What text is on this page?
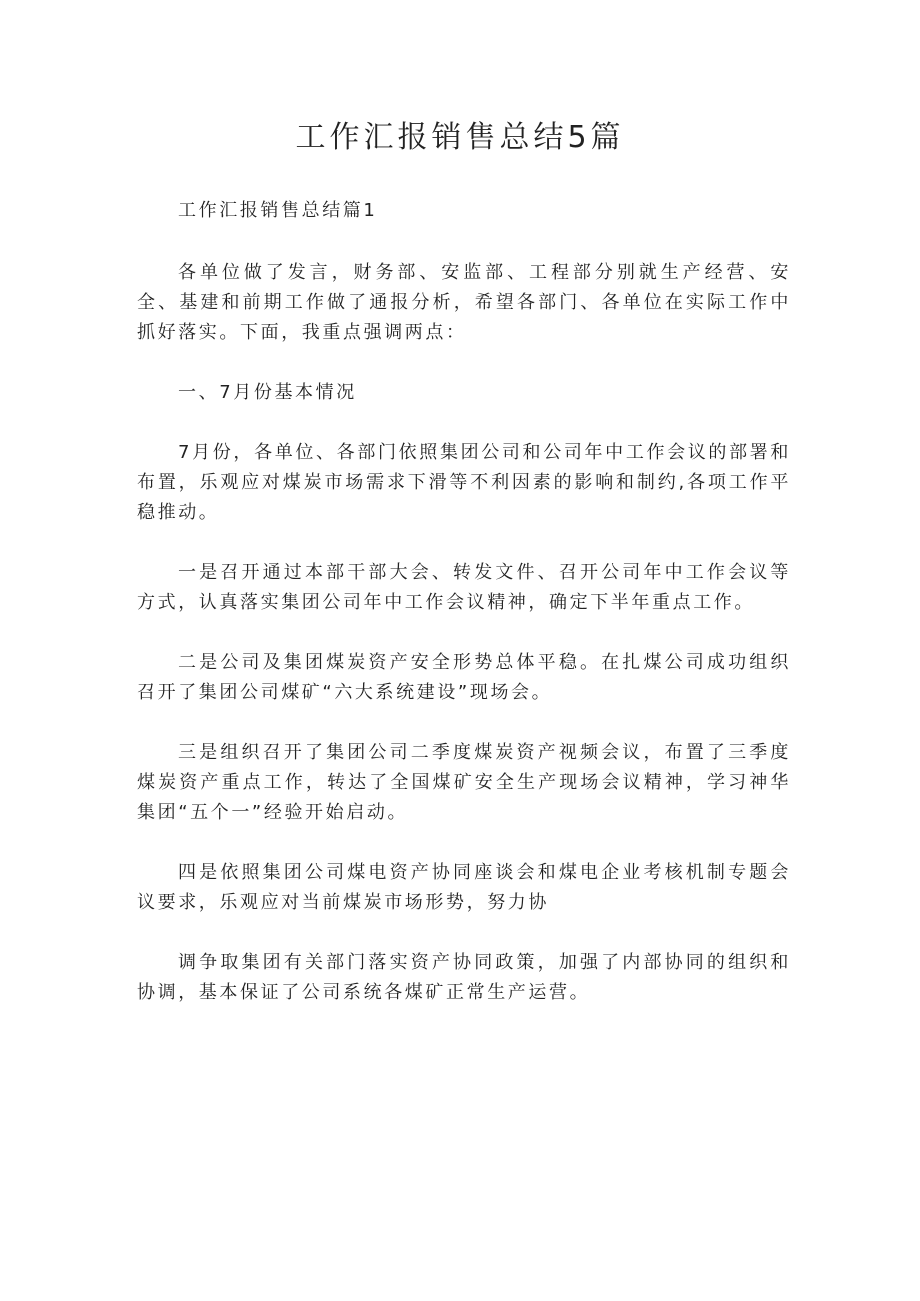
工作汇报销售总结5篇

工作汇报销售总结篇1

各单位做了发言，财务部、安监部、工程部分别就生产经营、安全、基建和前期工作做了通报分析，希望各部门、各单位在实际工作中抓好落实。下面，我重点强调两点：

一、7月份基本情况

7月份，各单位、各部门依照集团公司和公司年中工作会议的部署和布置，乐观应对煤炭市场需求下滑等不利因素的影响和制约,各项工作平稳推动。

一是召开通过本部干部大会、转发文件、召开公司年中工作会议等方式，认真落实集团公司年中工作会议精神，确定下半年重点工作。

二是公司及集团煤炭资产安全形势总体平稳。在扎煤公司成功组织召开了集团公司煤矿“六大系统建设”现场会。

三是组织召开了集团公司二季度煤炭资产视频会议，布置了三季度煤炭资产重点工作，转达了全国煤矿安全生产现场会议精神，学习神华集团“五个一”经验开始启动。

四是依照集团公司煤电资产协同座谈会和煤电企业考核机制专题会议要求，乐观应对当前煤炭市场形势，努力协

调争取集团有关部门落实资产协同政策，加强了内部协同的组织和协调，基本保证了公司系统各煤矿正常生产运营。
